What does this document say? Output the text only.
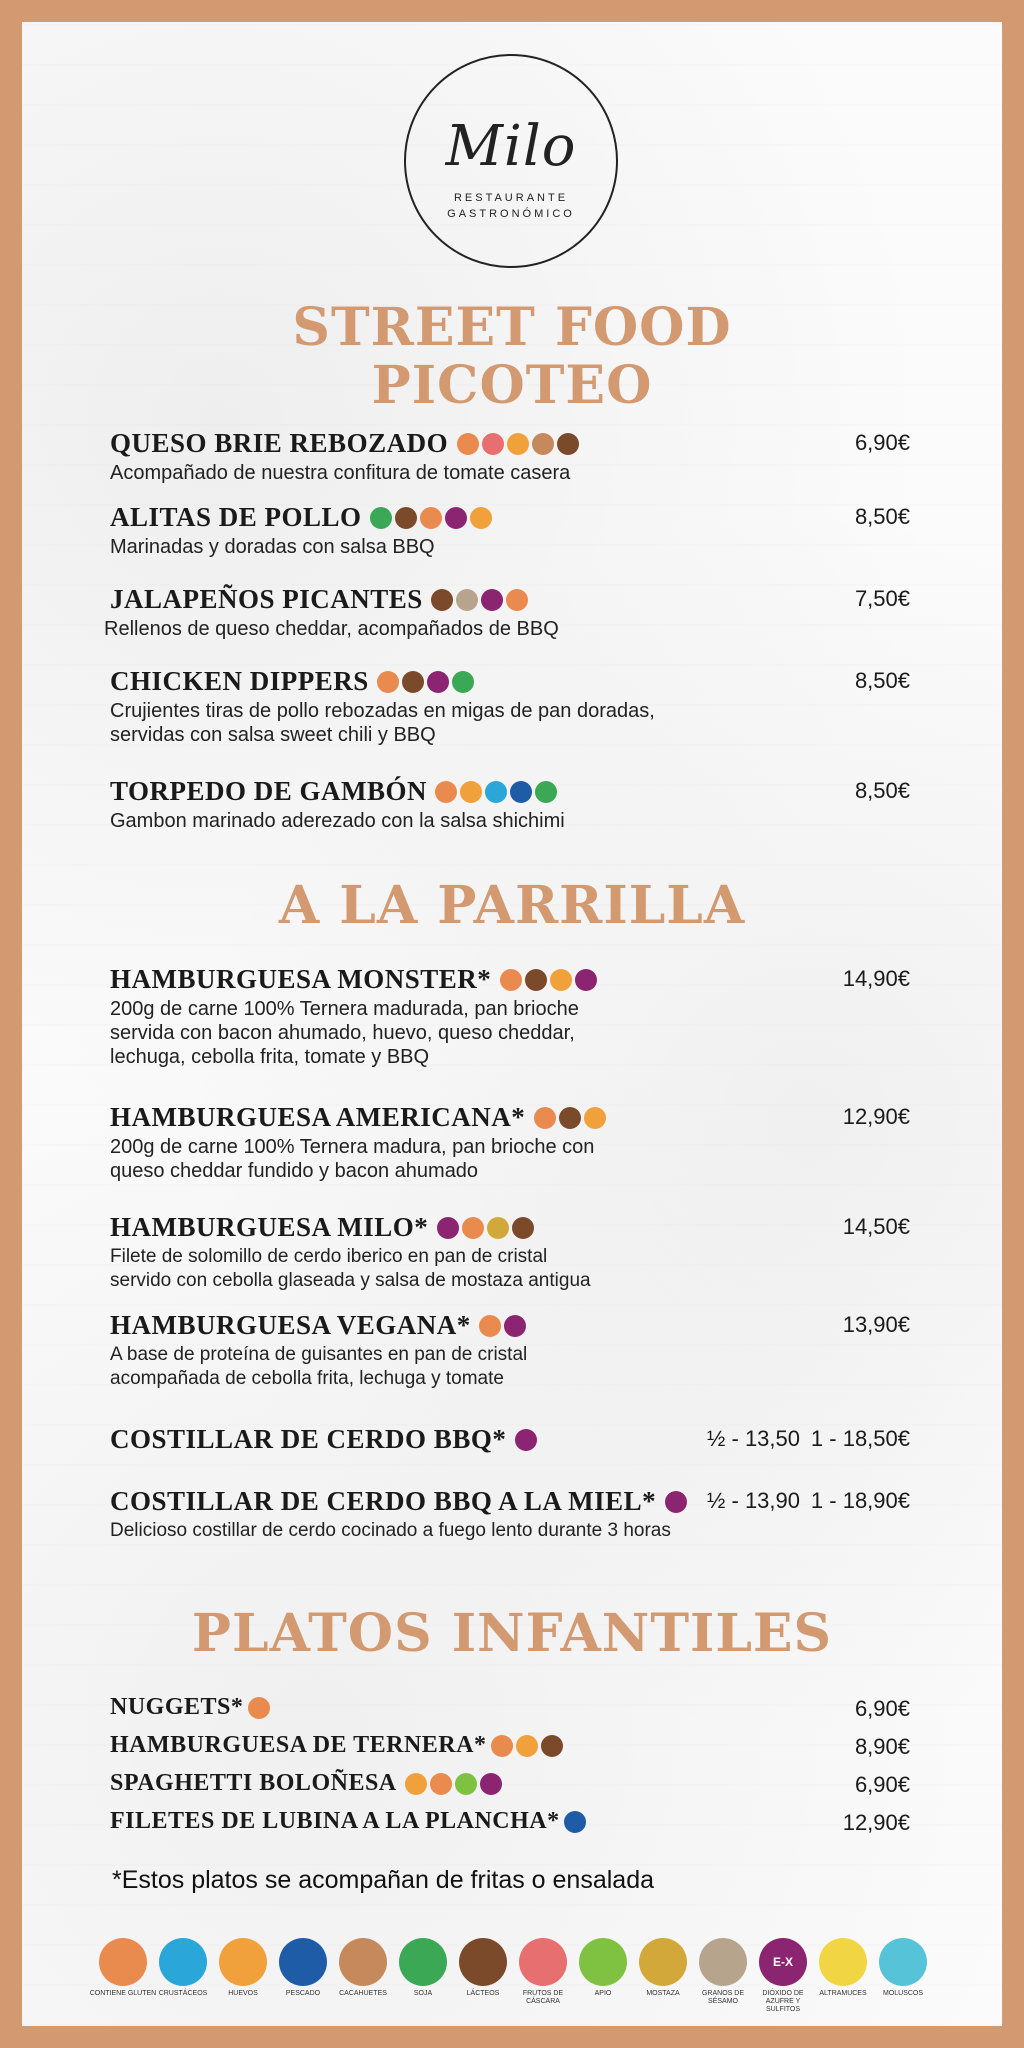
Milo
RESTAURANTE
GASTRONÓMICO
STREET FOOD
PICOTEO
QUESO BRIE REBOZADO	6,90€
Acompañado de nuestra confitura de tomate casera
ALITAS DE POLLO	8,50€
Marinadas y doradas con salsa BBQ
JALAPEÑOS PICANTES	7,50€
Rellenos de queso cheddar, acompañados de BBQ
CHICKEN DIPPERS	8,50€
Crujientes tiras de pollo rebozadas en migas de pan doradas,
servidas con salsa sweet chili y BBQ
TORPEDO DE GAMBÓN	8,50€
Gambon marinado aderezado con la salsa shichimi
A LA PARRILLA
HAMBURGUESA MONSTER*	14,90€
200g de carne 100% Ternera madurada, pan brioche
servida con bacon ahumado, huevo, queso cheddar,
lechuga, cebolla frita, tomate y BBQ
HAMBURGUESA AMERICANA*	12,90€
200g de carne 100% Ternera madura, pan brioche con
queso cheddar fundido y bacon ahumado
HAMBURGUESA MILO*	14,50€
Filete de solomillo de cerdo iberico en pan de cristal
servido con cebolla glaseada y salsa de mostaza antigua
HAMBURGUESA VEGANA*	13,90€
A base de proteína de guisantes en pan de cristal
acompañada de cebolla frita, lechuga y tomate
COSTILLAR DE CERDO BBQ*	½ - 13,50 1 - 18,50€
COSTILLAR DE CERDO BBQ A LA MIEL* ½ - 13,90 1 - 18,90€
Delicioso costillar de cerdo cocinado a fuego lento durante 3 horas
PLATOS INFANTILES
NUGGETS*	6,90€
HAMBURGUESA DE TERNERA*	8,90€
SPAGHETTI BOLOÑESA	6,90€
FILETES DE LUBINA A LA PLANCHA*	12,90€
*Estos platos se acompañan de fritas o ensalada
CONTIENE GLUTEN CRUSTÁCEOS	HUEVOS	PESCADO	CACAHUETES	SOJA	LÁCTEOS	FRUTOS DE CÁSCARA
APIO	MOSTAZA	GRANOS DE SÉSAMO
E-X
DIÓXIDO DE AZUFRE Y SULFITOS
ALTRAMUCES	MOLUSCOS
